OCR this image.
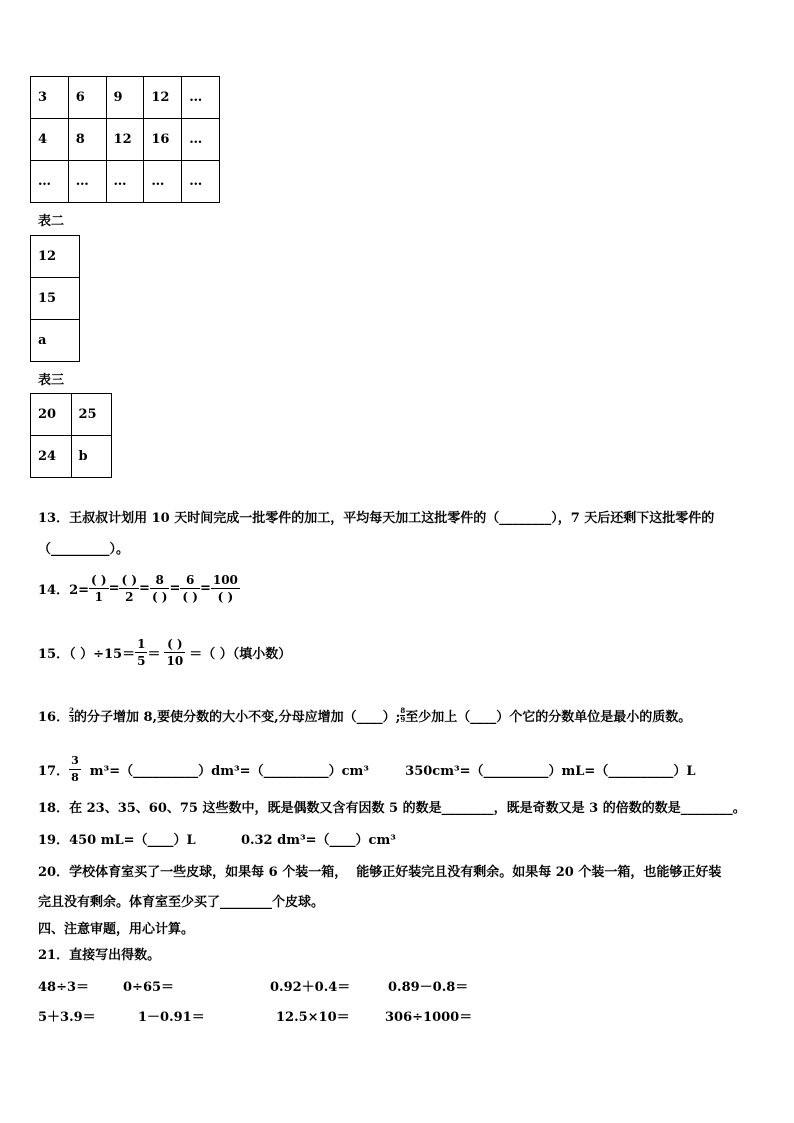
3	6	9	12	…
4	8	12	16	…
…	…	…	…	…
表二
12
15
a
表三
20	25
24	b
13．王叔叔计划用 10 天时间完成一批零件的加工，平均每天加工这批零件的（________），7 天后还剩下这批零件的
（_________）。
14．$2= \frac{( )}{1} = \frac{( )}{2} = \frac{8}{( )} = \frac{6}{( )} = \frac{100}{( )}$
15．（ ）$\div 15= \frac{1}{5} = \frac{( )}{10}$ ＝（ ）（填小数）
16． $\frac{2}{3}$ 的分子增加 8,要使分数的大小不变,分母应增加（____）; $\frac{8}{9}$ 至少加上（____）个它的分数单位是最小的质数。
17． $\frac{3}{8}$ m³=（__________）dm³=（__________）cm³        350cm³=（__________）mL=（__________）L
18．在 23、35、60、75 这些数中，既是偶数又含有因数 5 的数是________，既是奇数又是 3 的倍数的数是________。
19．450 mL=（____）L          0.32 dm³=（____）cm³
20．学校体育室买了一些皮球，如果每 6 个装一箱，  能够正好装完且没有剩余。如果每 20 个装一箱，也能够正好装
完且没有剩余。体育室至少买了________个皮球。
四、注意审题，用心计算。
21．直接写出得数。
48÷3＝	0÷65＝	0.92＋0.4＝	0.89－0.8＝
5＋3.9＝	1－0.91＝	12.5×10＝	306÷1000＝
